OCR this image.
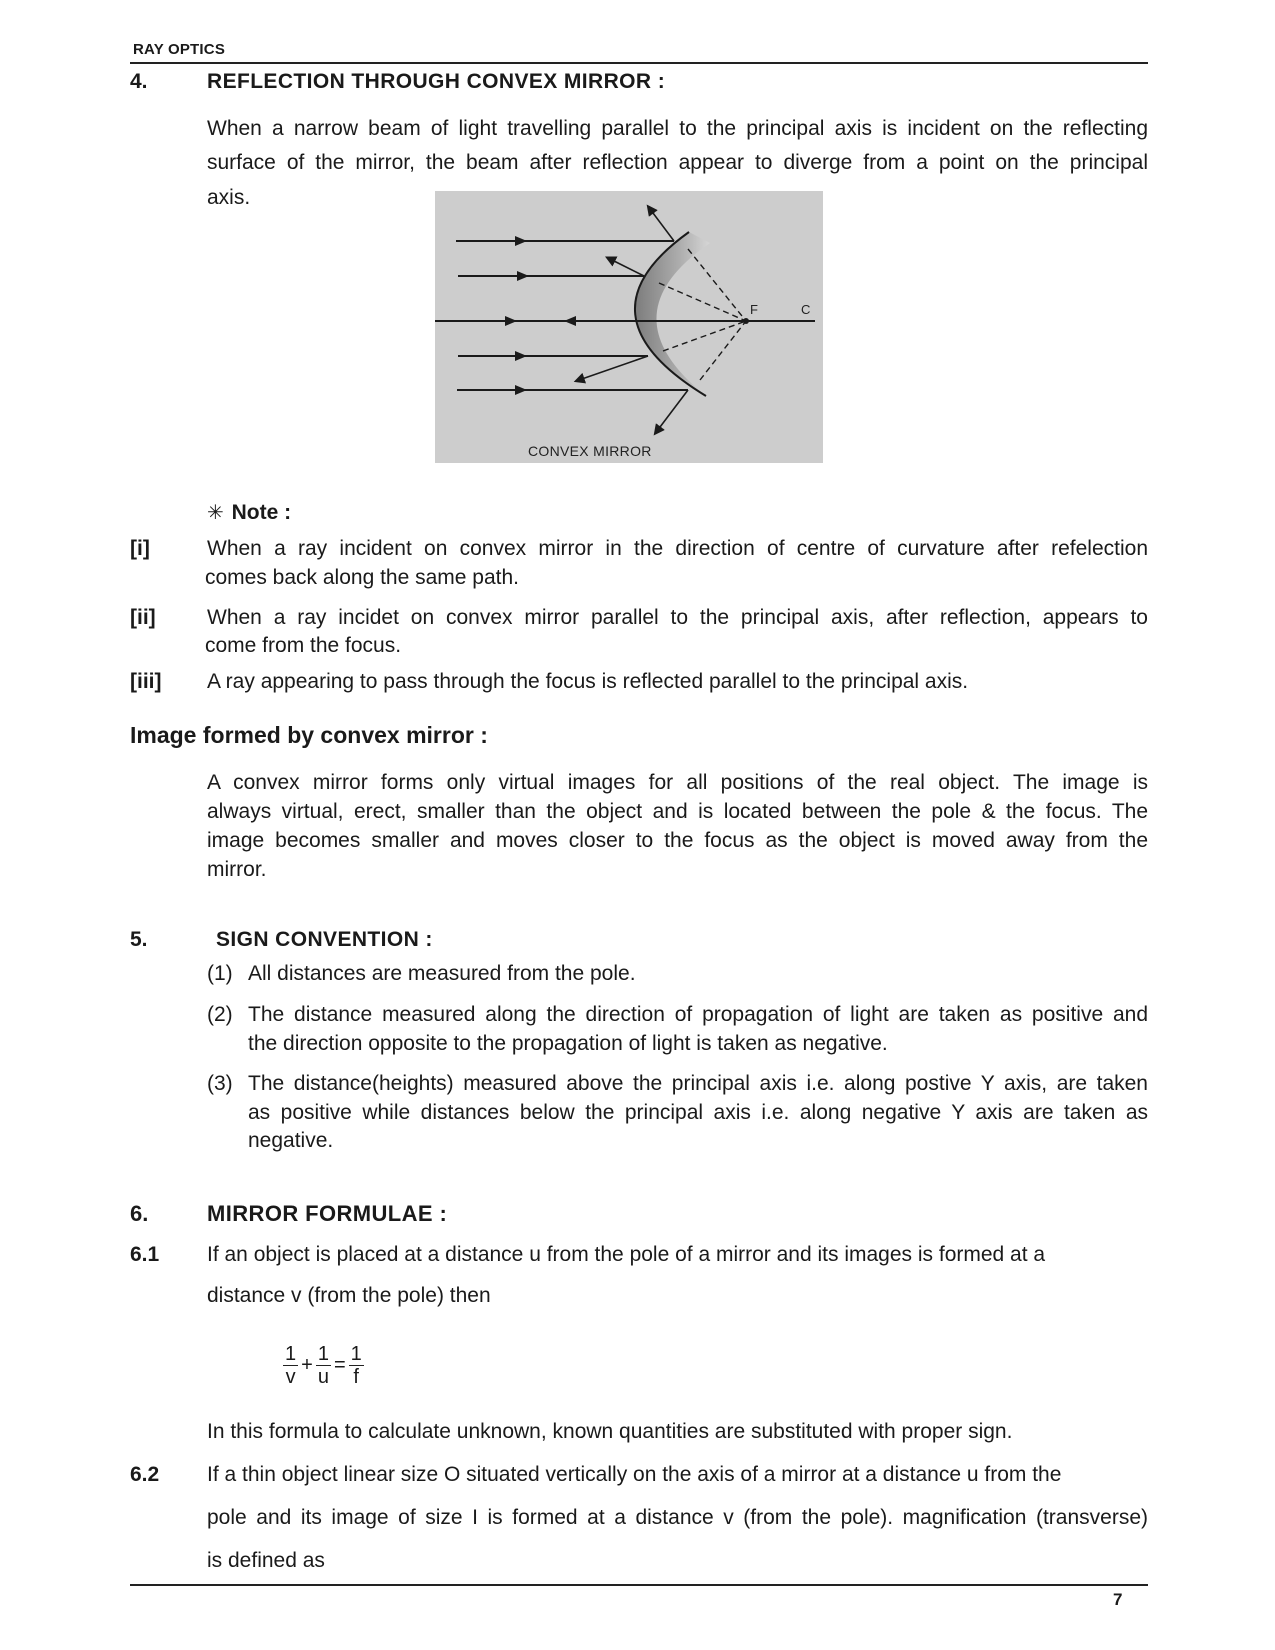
RAY OPTICS
4.	REFLECTION THROUGH CONVEX MIRROR :
When a narrow beam of light travelling parallel to the principal axis is incident on the reflecting
surface of the mirror, the beam after reflection appear to diverge from a point on the principal
axis.
F	C
CONVEX MIRROR
✳ Note :
[i]	When a ray incident on convex mirror in the direction of centre of curvature after refelection
comes back along the same path.
[ii] When a ray incidet on convex mirror parallel to the principal axis, after reflection, appears to
come from the focus.
[iii] A ray appearing to pass through the focus is reflected parallel to the principal axis.
Image formed by convex mirror :
A convex mirror forms only virtual images for all positions of the real object. The image is
always virtual, erect, smaller than the object and is located between the pole & the focus. The
image becomes smaller and moves closer to the focus as the object is moved away from the
mirror.
5.	SIGN CONVENTION :
(1) All distances are measured from the pole.
(2) The distance measured along the direction of propagation of light are taken as positive and
the direction opposite to the propagation of light is taken as negative.
(3) The distance(heights) measured above the principal axis i.e. along postive Y axis, are taken
as positive while distances below the principal axis i.e. along negative Y axis are taken as
negative.
6.	MIRROR FORMULAE :
6.1 If an object is placed at a distance u from the pole of a mirror and its images is formed at a
distance v (from the pole) then
$\frac{1}{v} + \frac{1}{u} = \frac{1}{f}$
In this formula to calculate unknown, known quantities are substituted with proper sign.
6.2 If a thin object linear size O situated vertically on the axis of a mirror at a distance u from the
pole and its image of size I is formed at a distance v (from the pole). magnification (transverse)
is defined as
7
